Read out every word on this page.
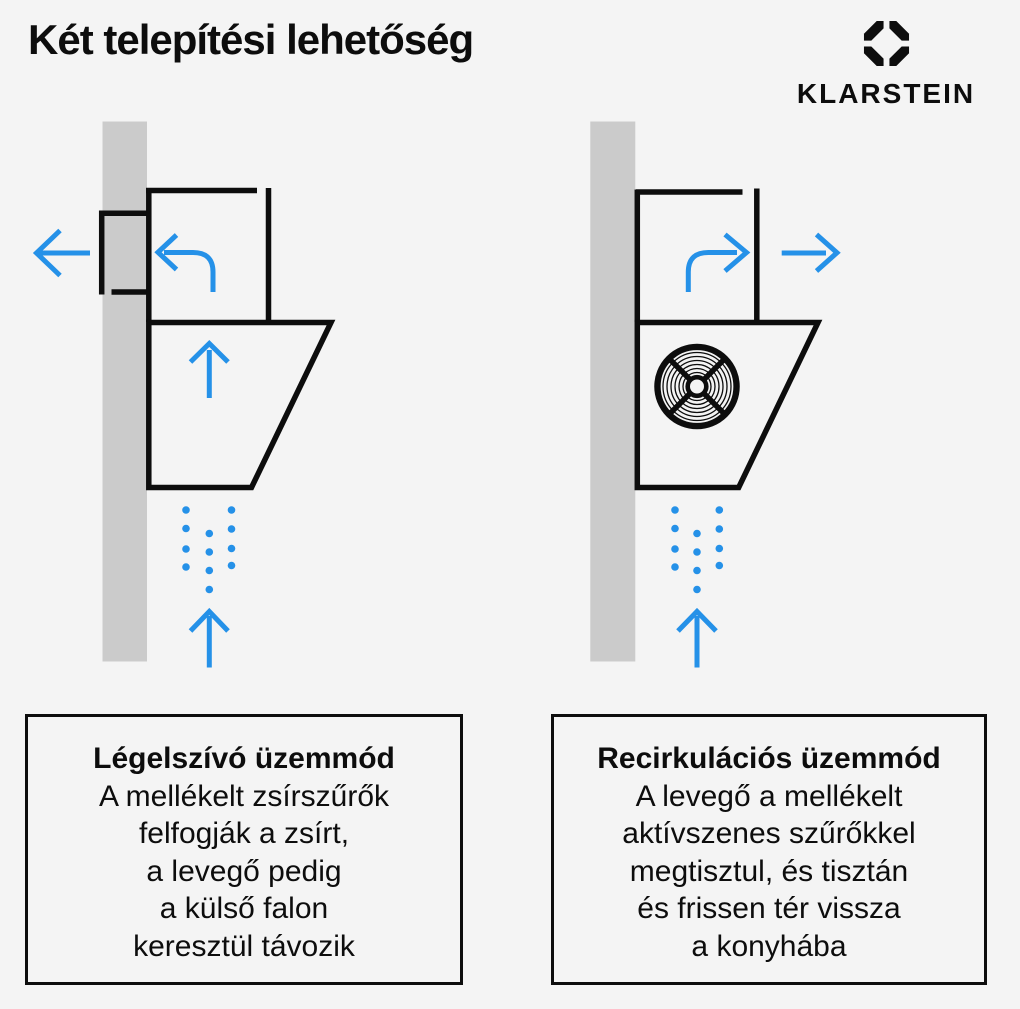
Két telepítési lehetőség
KLARSTEIN
Légelszívó üzemmód
A mellékelt zsírszűrők
felfogják a zsírt,
a levegő pedig
a külső falon
keresztül távozik
Recirkulációs üzemmód
A levegő a mellékelt
aktívszenes szűrőkkel
megtisztul, és tisztán
és frissen tér vissza
a konyhába
